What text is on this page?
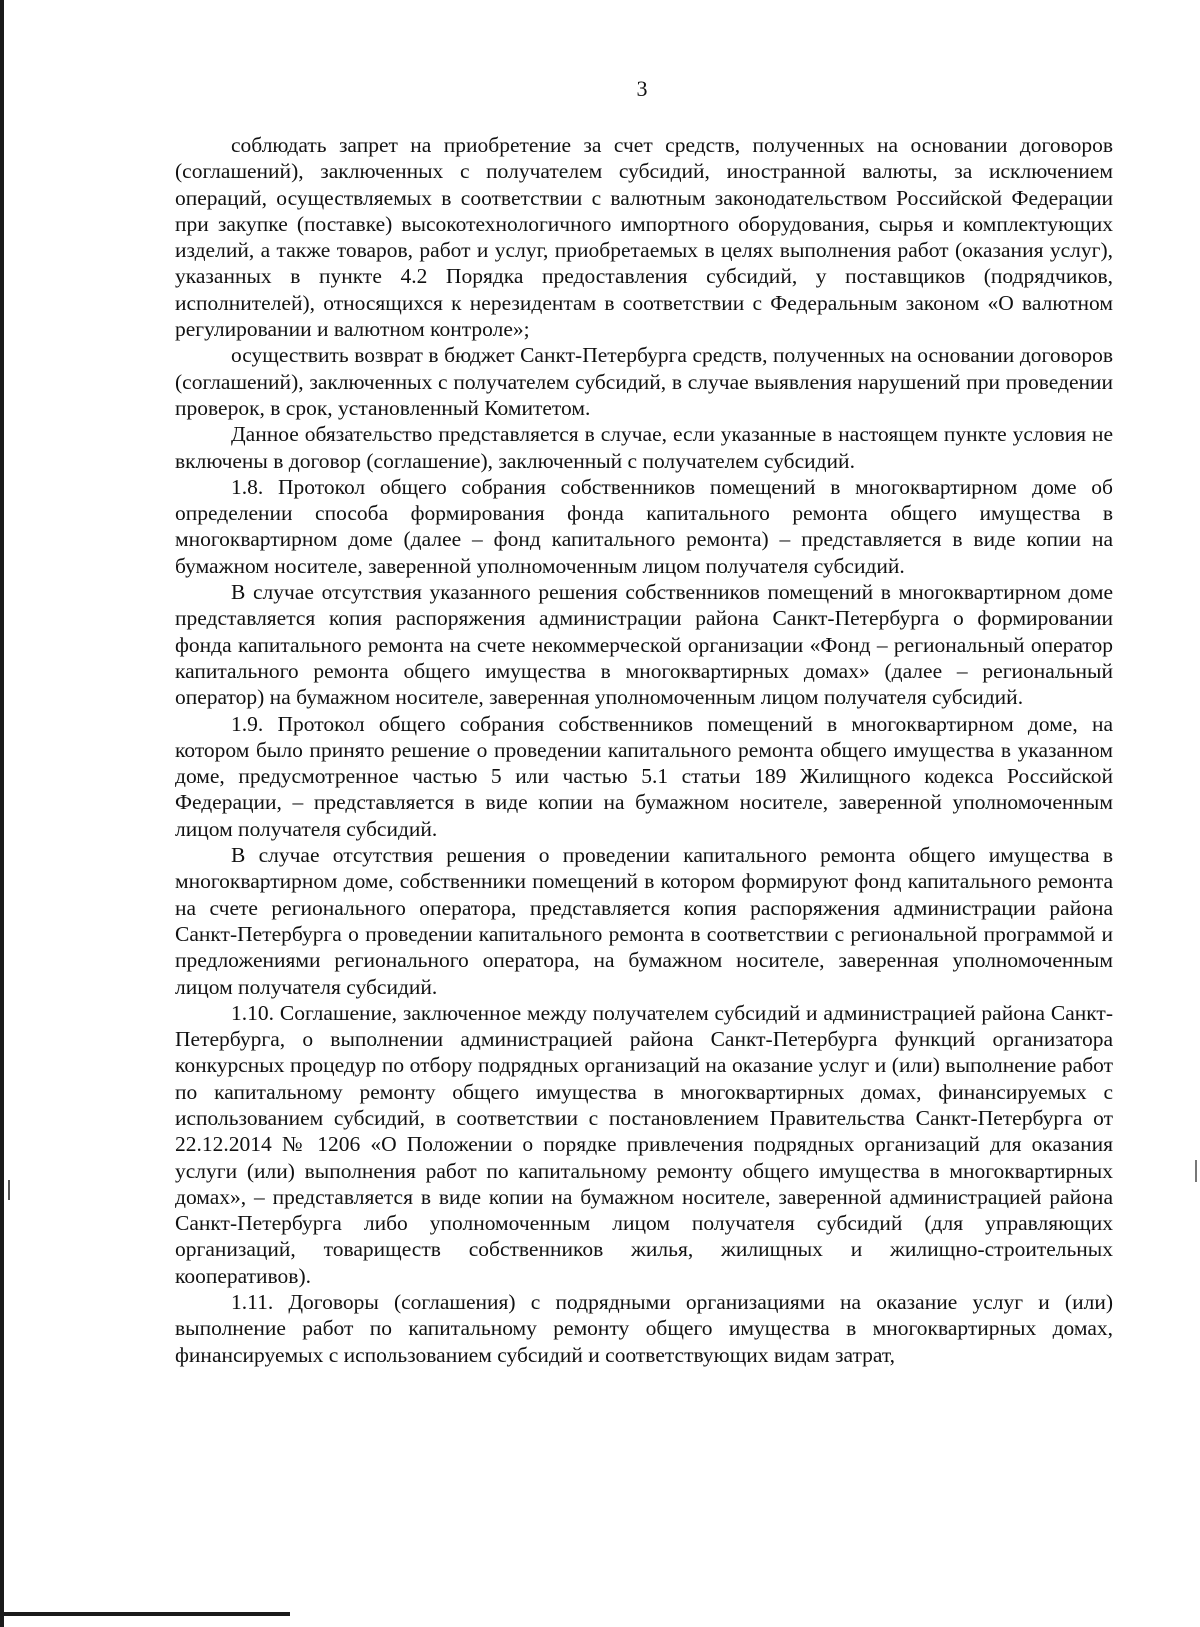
3

соблюдать запрет на приобретение за счет средств, полученных на основании договоров (соглашений), заключенных с получателем субсидий, иностранной валюты, за исключением операций, осуществляемых в соответствии с валютным законодательством Российской Федерации при закупке (поставке) высокотехнологичного импортного оборудования, сырья и комплектующих изделий, а также товаров, работ и услуг, приобретаемых в целях выполнения работ (оказания услуг), указанных в пункте 4.2 Порядка предоставления субсидий, у поставщиков (подрядчиков, исполнителей), относящихся к нерезидентам в соответствии с Федеральным законом «О валютном регулировании и валютном контроле»;

осуществить возврат в бюджет Санкт-Петербурга средств, полученных на основании договоров (соглашений), заключенных с получателем субсидий, в случае выявления нарушений при проведении проверок, в срок, установленный Комитетом.

Данное обязательство представляется в случае, если указанные в настоящем пункте условия не включены в договор (соглашение), заключенный с получателем субсидий.

1.8. Протокол общего собрания собственников помещений в многоквартирном доме об определении способа формирования фонда капитального ремонта общего имущества в многоквартирном доме (далее – фонд капитального ремонта) – представляется в виде копии на бумажном носителе, заверенной уполномоченным лицом получателя субсидий.

В случае отсутствия указанного решения собственников помещений в многоквартирном доме представляется копия распоряжения администрации района Санкт-Петербурга о формировании фонда капитального ремонта на счете некоммерческой организации «Фонд – региональный оператор капитального ремонта общего имущества в многоквартирных домах» (далее – региональный оператор) на бумажном носителе, заверенная уполномоченным лицом получателя субсидий.

1.9. Протокол общего собрания собственников помещений в многоквартирном доме, на котором было принято решение о проведении капитального ремонта общего имущества в указанном доме, предусмотренное частью 5 или частью 5.1 статьи 189 Жилищного кодекса Российской Федерации, – представляется в виде копии на бумажном носителе, заверенной уполномоченным лицом получателя субсидий.

В случае отсутствия решения о проведении капитального ремонта общего имущества в многоквартирном доме, собственники помещений в котором формируют фонд капитального ремонта на счете регионального оператора, представляется копия распоряжения администрации района Санкт-Петербурга о проведении капитального ремонта в соответствии с региональной программой и предложениями регионального оператора, на бумажном носителе, заверенная уполномоченным лицом получателя субсидий.

1.10. Соглашение, заключенное между получателем субсидий и администрацией района Санкт-Петербурга, о выполнении администрацией района Санкт-Петербурга функций организатора конкурсных процедур по отбору подрядных организаций на оказание услуг и (или) выполнение работ по капитальному ремонту общего имущества в многоквартирных домах, финансируемых с использованием субсидий, в соответствии с постановлением Правительства Санкт-Петербурга от 22.12.2014 № 1206 «О Положении о порядке привлечения подрядных организаций для оказания услуги (или) выполнения работ по капитальному ремонту общего имущества в многоквартирных домах», – представляется в виде копии на бумажном носителе, заверенной администрацией района Санкт-Петербурга либо уполномоченным лицом получателя субсидий (для управляющих организаций, товариществ собственников жилья, жилищных и жилищно-строительных кооперативов).

1.11. Договоры (соглашения) с подрядными организациями на оказание услуг и (или) выполнение работ по капитальному ремонту общего имущества в многоквартирных домах, финансируемых с использованием субсидий и соответствующих видам затрат,
